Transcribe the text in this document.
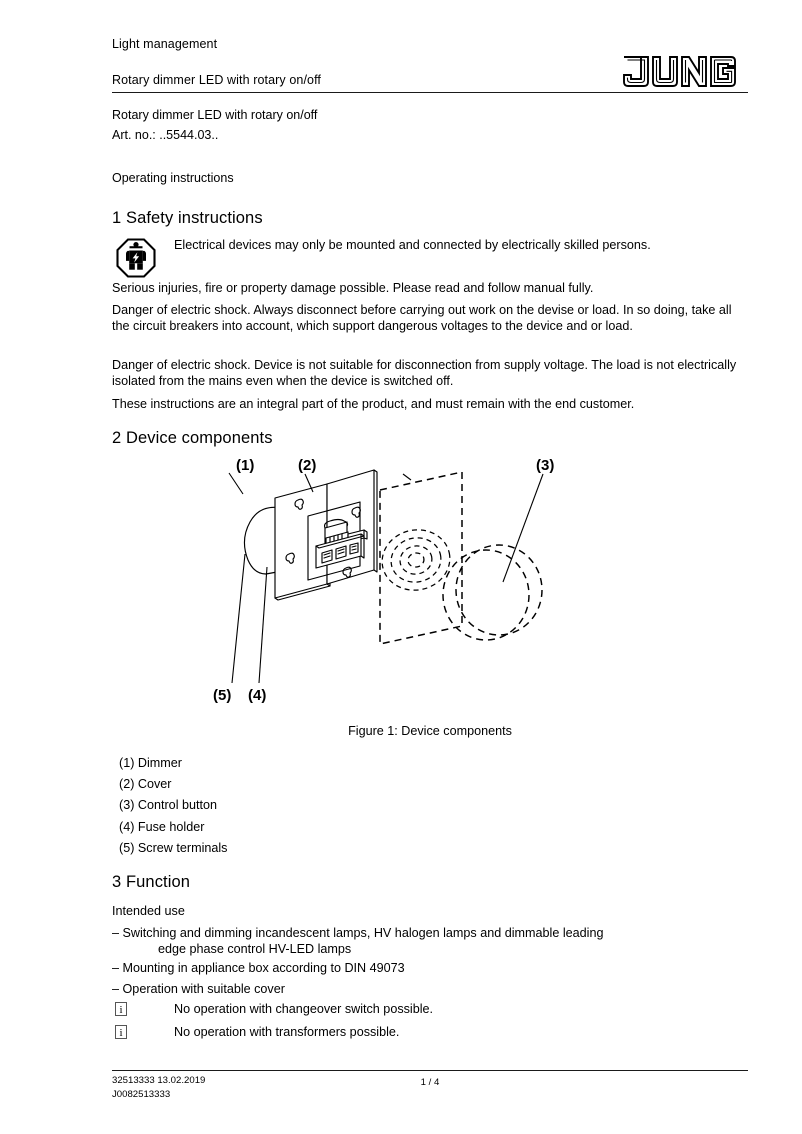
Light management
Rotary dimmer LED with rotary on/off
Rotary dimmer LED with rotary on/off
Art. no.: ..5544.03..
Operating instructions
1 Safety instructions
Electrical devices may only be mounted and connected by electrically skilled persons.
Serious injuries, fire or property damage possible. Please read and follow manual fully.
Danger of electric shock. Always disconnect before carrying out work on the devise or load. In so doing, take all the circuit breakers into account, which support dangerous voltages to the device and or load.
Danger of electric shock. Device is not suitable for disconnection from supply voltage. The load is not electrically isolated from the mains even when the device is switched off.
These instructions are an integral part of the product, and must remain with the end customer.
2 Device components
(1)	(2)	(3)
(4)
(5)
Figure 1: Device components
(1) Dimmer
(2) Cover
(3) Control button
(4) Fuse holder
(5) Screw terminals
3 Function
Intended use
– Switching and dimming incandescent lamps, HV halogen lamps and dimmable leading
edge phase control HV-LED lamps
– Mounting in appliance box according to DIN 49073
– Operation with suitable cover
i	No operation with changeover switch possible.
i	No operation with transformers possible.
32513333 13.02.2019
J0082513333
1 / 4
